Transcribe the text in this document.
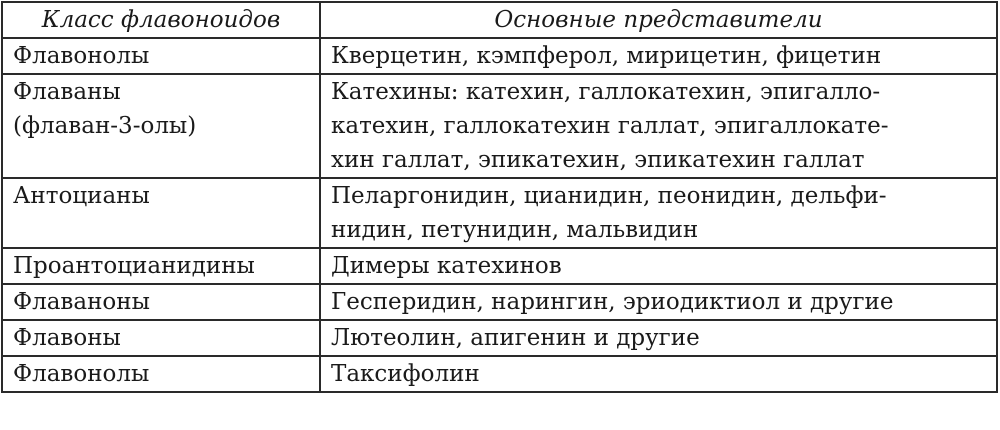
Класс флавоноидов	Основные представители

Флавонолы	Кверцетин, кэмпферол, мирицетин, фицетин

Флаваны
(флаван-3-олы)	Катехины: катехин, галлокатехин, эпигалло-
катехин, галлокатехин галлат, эпигаллокате-
хин галлат, эпикатехин, эпикатехин галлат

Антоцианы	Пеларгонидин, цианидин, пеонидин, дельфи-
нидин, петунидин, мальвидин

Проантоцианидины	Димеры катехинов

Флаваноны	Гесперидин, нарингин, эриодиктиол и другие

Флавоны	Лютеолин, апигенин и другие

Флавонолы	Таксифолин
